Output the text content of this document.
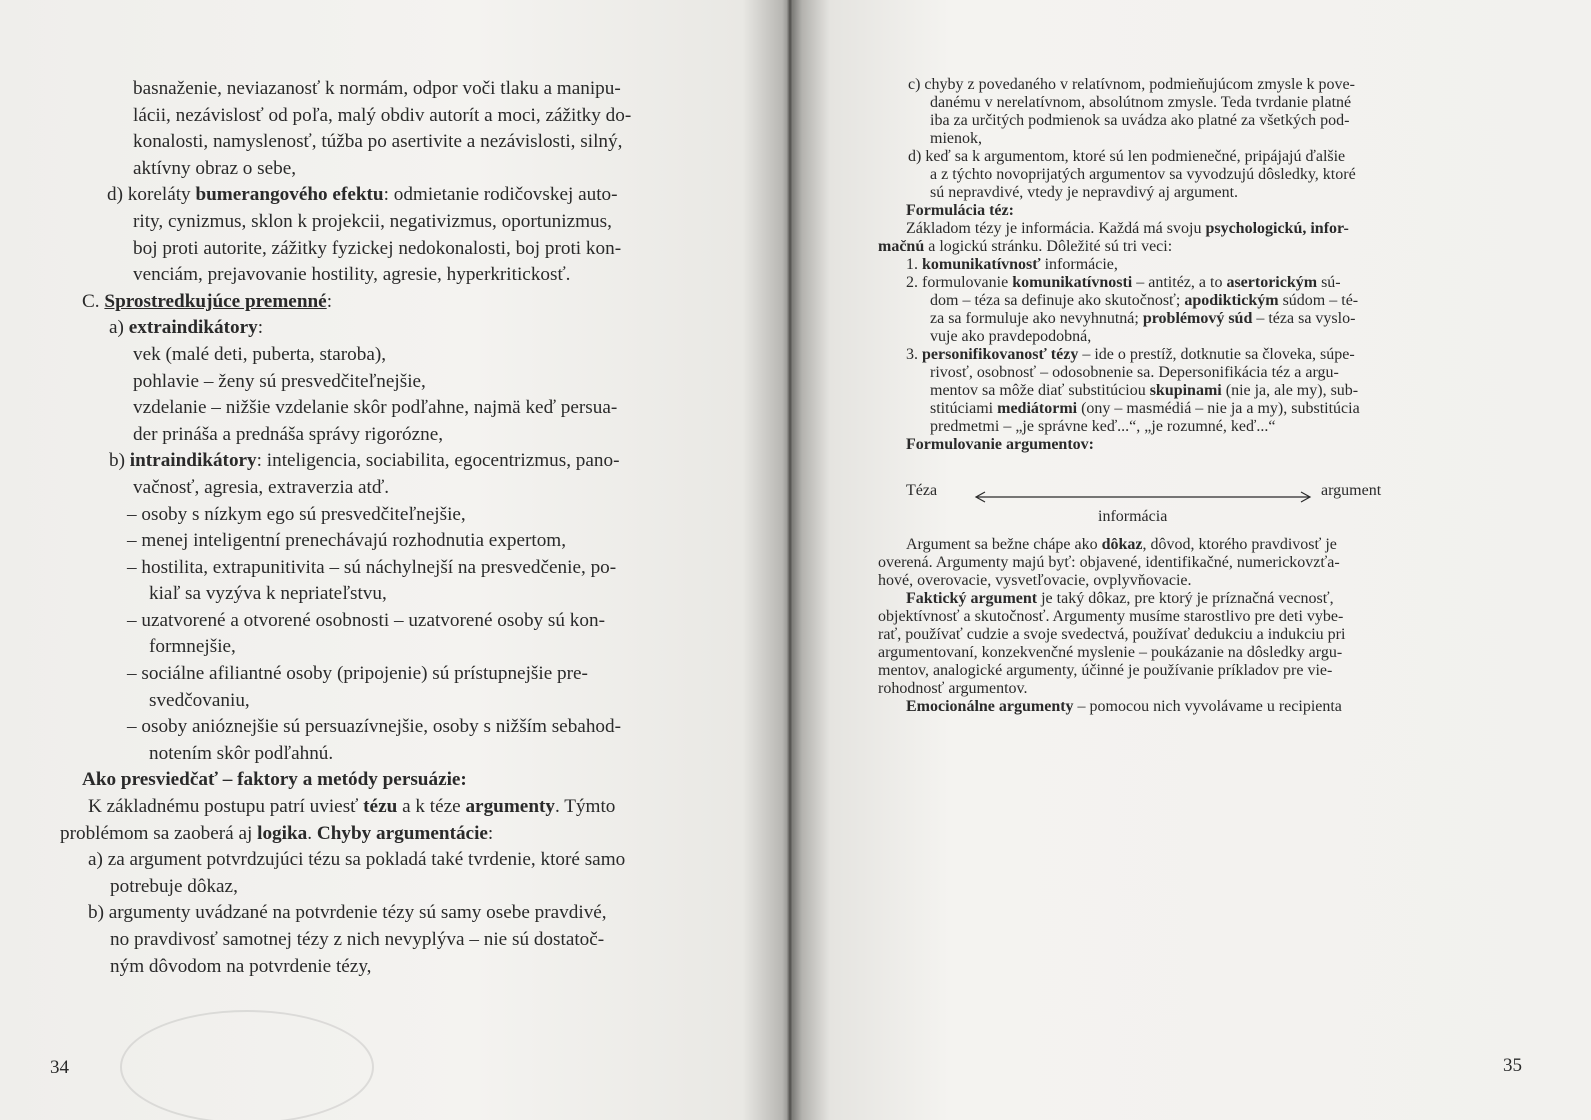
basnaženie, neviazanosť k normám, odpor voči tlaku a manipu-

lácii, nezávislosť od poľa, malý obdiv autorít a moci, zážitky do-

konalosti, namyslenosť, túžba po asertivite a nezávislosti, silný,

aktívny obraz o sebe,

d) koreláty bumerangového efektu: odmietanie rodičovskej auto-

rity, cynizmus, sklon k projekcii, negativizmus, oportunizmus,

boj proti autorite, zážitky fyzickej nedokonalosti, boj proti kon-

venciám, prejavovanie hostility, agresie, hyperkritickosť.

C. Sprostredkujúce premenné:

a) extraindikátory:

vek (malé deti, puberta, staroba),

pohlavie – ženy sú presvedčiteľnejšie,

vzdelanie – nižšie vzdelanie skôr podľahne, najmä keď persua-

der prináša a prednáša správy rigorózne,

b) intraindikátory: inteligencia, sociabilita, egocentrizmus, pano-

vačnosť, agresia, extraverzia atď.

– osoby s nízkym ego sú presvedčiteľnejšie,

– menej inteligentní prenechávajú rozhodnutia expertom,

– hostilita, extrapunitivita – sú náchylnejší na presvedčenie, po-

kiaľ sa vyzýva k nepriateľstvu,

– uzatvorené a otvorené osobnosti – uzatvorené osoby sú kon-

formnejšie,

– sociálne afiliantné osoby (pripojenie) sú prístupnejšie pre-

svedčovaniu,

– osoby anióznejšie sú persuazívnejšie, osoby s nižším sebahod-

notením skôr podľahnú.

Ako presviedčať – faktory a metódy persuázie:

K základnému postupu patrí uviesť tézu a k téze argumenty. Týmto

problémom sa zaoberá aj logika. Chyby argumentácie:

a) za argument potvrdzujúci tézu sa pokladá také tvrdenie, ktoré samo

potrebuje dôkaz,

b) argumenty uvádzané na potvrdenie tézy sú samy osebe pravdivé,

no pravdivosť samotnej tézy z nich nevyplýva – nie sú dostatoč-

ným dôvodom na potvrdenie tézy,

34

c) chyby z povedaného v relatívnom, podmieňujúcom zmysle k pove-

danému v nerelatívnom, absolútnom zmysle. Teda tvrdanie platné

iba za určitých podmienok sa uvádza ako platné za všetkých pod-

mienok,

d) keď sa k argumentom, ktoré sú len podmienečné, pripájajú ďalšie

a z týchto novoprijatých argumentov sa vyvodzujú dôsledky, ktoré

sú nepravdivé, vtedy je nepravdivý aj argument.

Formulácia téz:

Základom tézy je informácia. Každá má svoju psychologickú, infor-

mačnú a logickú stránku. Dôležité sú tri veci:

1. komunikatívnosť informácie,

2. formulovanie komunikatívnosti – antitéz, a to asertorickým sú-

dom – téza sa definuje ako skutočnosť; apodiktickým súdom – té-

za sa formuluje ako nevyhnutná; problémový súd – téza sa vyslo-

vuje ako pravdepodobná,

3. personifikovanosť tézy – ide o prestíž, dotknutie sa človeka, súpe-

rivosť, osobnosť – odosobnenie sa. Depersonifikácia téz a argu-

mentov sa môže diať substitúciou skupinami (nie ja, ale my), sub-

stitúciami mediátormi (ony – masmédiá – nie ja a my), substitúcia

predmetmi – „je správne keď...“, „je rozumné, keď...“

Formulovanie argumentov:

Téza	argument
informácia

Argument sa bežne chápe ako dôkaz, dôvod, ktorého pravdivosť je

overená. Argumenty majú byť: objavené, identifikačné, numerickovzťa-

hové, overovacie, vysvetľovacie, ovplyvňovacie.

Faktický argument je taký dôkaz, pre ktorý je príznačná vecnosť,

objektívnosť a skutočnosť. Argumenty musíme starostlivo pre deti vybe-

rať, používať cudzie a svoje svedectvá, používať dedukciu a indukciu pri

argumentovaní, konzekvenčné myslenie – poukázanie na dôsledky argu-

mentov, analogické argumenty, účinné je používanie príkladov pre vie-

rohodnosť argumentov.

Emocionálne argumenty – pomocou nich vyvolávame u recipienta

35
